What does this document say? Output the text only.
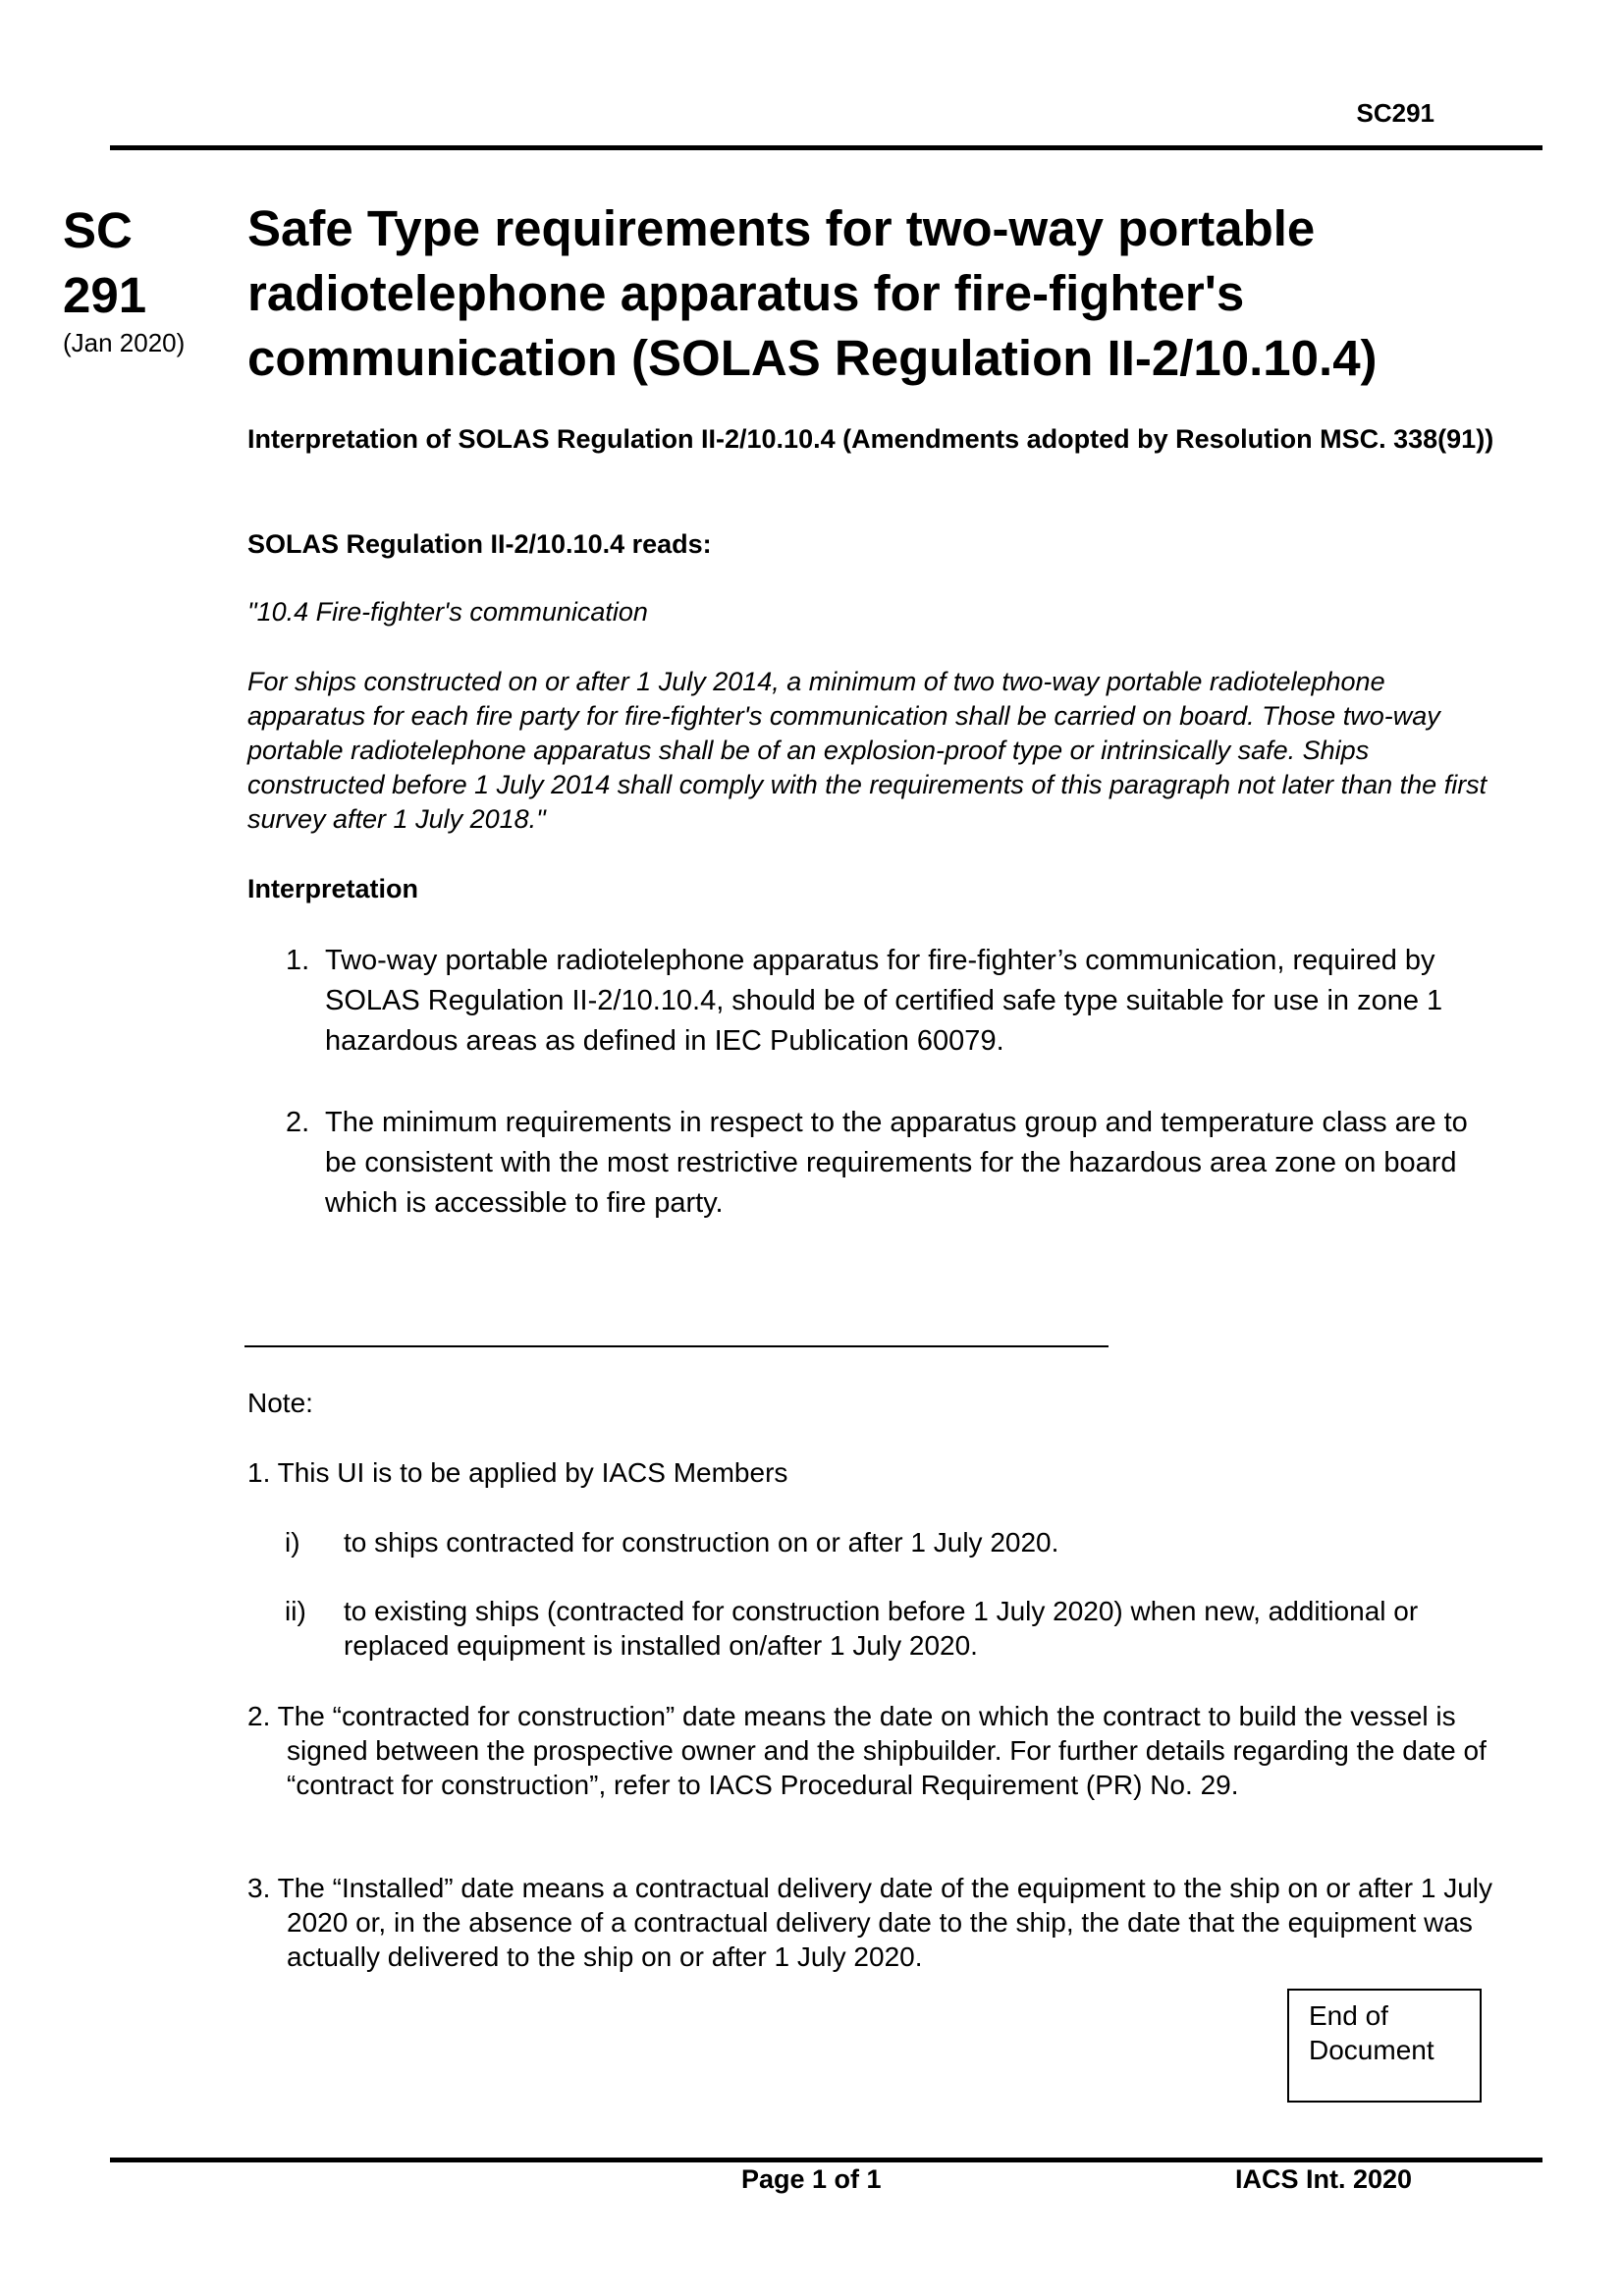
SC291
SC
291
(Jan 2020)
Safe Type requirements for two-way portable
radiotelephone apparatus for fire-fighter's
communication (SOLAS Regulation II-2/10.10.4)
Interpretation of SOLAS Regulation II-2/10.10.4 (Amendments adopted by Resolution MSC. 338(91))
SOLAS Regulation II-2/10.10.4 reads:
"10.4 Fire-fighter's communication
For ships constructed on or after 1 July 2014, a minimum of two two-way portable radiotelephone apparatus for each fire party for fire-fighter's communication shall be carried on board. Those two-way portable radiotelephone apparatus shall be of an explosion-proof type or intrinsically safe. Ships constructed before 1 July 2014 shall comply with the requirements of this paragraph not later than the first survey after 1 July 2018."
Interpretation
1. Two-way portable radiotelephone apparatus for fire-fighter’s communication, required by SOLAS Regulation II-2/10.10.4, should be of certified safe type suitable for use in zone 1 hazardous areas as defined in IEC Publication 60079.
2. The minimum requirements in respect to the apparatus group and temperature class are to be consistent with the most restrictive requirements for the hazardous area zone on board which is accessible to fire party.
Note:
1. This UI is to be applied by IACS Members
i) to ships contracted for construction on or after 1 July 2020.
ii) to existing ships (contracted for construction before 1 July 2020) when new, additional or replaced equipment is installed on/after 1 July 2020.
2. The “contracted for construction” date means the date on which the contract to build the vessel is signed between the prospective owner and the shipbuilder. For further details regarding the date of “contract for construction”, refer to IACS Procedural Requirement (PR) No. 29.
3. The “Installed” date means a contractual delivery date of the equipment to the ship on or after 1 July 2020 or, in the absence of a contractual delivery date to the ship, the date that the equipment was actually delivered to the ship on or after 1 July 2020.
End of
Document
Page 1 of 1	IACS Int. 2020
